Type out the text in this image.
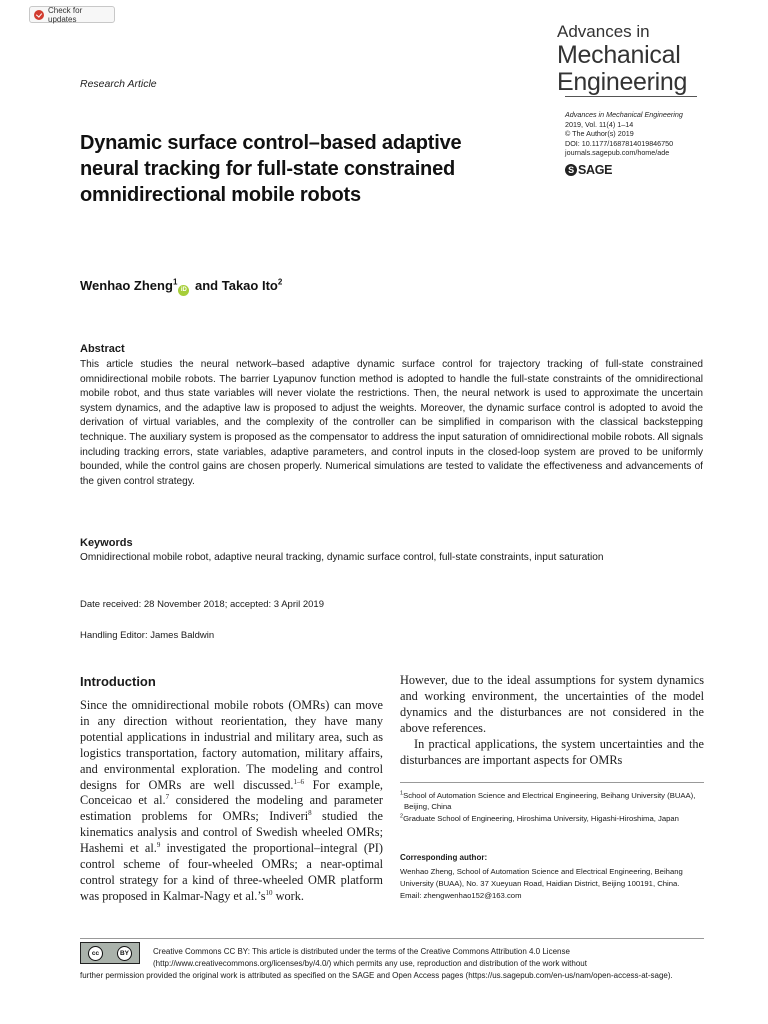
Check for updates
Research Article
Advances in
Mechanical
Engineering
Advances in Mechanical Engineering
2019, Vol. 11(4) 1–14
© The Author(s) 2019
DOI: 10.1177/1687814019846750
journals.sagepub.com/home/ade
S SAGE
Dynamic surface control–based adaptive neural tracking for full-state constrained omnidirectional mobile robots
Wenhao Zheng$^1$iD and Takao Ito$^2$
Abstract

This article studies the neural network–based adaptive dynamic surface control for trajectory tracking of full-state constrained omnidirectional mobile robots. The barrier Lyapunov function method is adopted to handle the full-state constraints of the omnidirectional mobile robot, and thus state variables will never violate the restrictions. Then, the neural network is used to approximate the uncertain system dynamics, and the adaptive law is proposed to adjust the weights. Moreover, the dynamic surface control is adopted to avoid the derivation of virtual variables, and the complexity of the controller can be simplified in comparison with the classical backstepping technique. The auxiliary system is proposed as the compensator to address the input saturation of omnidirectional mobile robots. All signals including tracking errors, state variables, adaptive parameters, and control inputs in the closed-loop system are proved to be uniformly bounded, while the control gains are chosen properly. Numerical simulations are tested to validate the effectiveness and advancements of the given control strategy.

Keywords
Omnidirectional mobile robot, adaptive neural tracking, dynamic surface control, full-state constraints, input saturation
Date received: 28 November 2018; accepted: 3 April 2019
Handling Editor: James Baldwin
Introduction

Since the omnidirectional mobile robots (OMRs) can move in any direction without reorientation, they have many potential applications in industrial and military area, such as logistics transportation, factory automation, military affairs, and environmental exploration. The modeling and control designs for OMRs are well discussed.$^{1-6}$ For example, Conceicao et al.$^7$ considered the modeling and parameter estimation problems for OMRs; Indiveri$^8$ studied the kinematics analysis and control of Swedish wheeled OMRs; Hashemi et al.$^9$ investigated the proportional–integral (PI) control scheme of four-wheeled OMRs; a near-optimal control strategy for a kind of three-wheeled OMR platform was proposed in Kalmar-Nagy et $al.’s^{10}$ work.

However, due to the ideal assumptions for system dynamics and working environment, the uncertainties of the model dynamics and the disturbances are not considered in the above references.
In practical applications, the system uncertainties and the disturbances are important aspects for OMRs

$^1$School of Automation Science and Electrical Engineering, Beihang University (BUAA), Beijing, China
$^2$Graduate School of Engineering, Hiroshima University, Higashi-Hiroshima, Japan
Corresponding author:
Wenhao Zheng, School of Automation Science and Electrical Engineering, Beihang University (BUAA), No. 37 Xueyuan Road, Haidian District, Beijing 100191, China.
Email: zhengwenhao152@163.com
Creative Commons CC BY: This article is distributed under the terms of the Creative Commons Attribution 4.0 License
(http://www.creativecommons.org/licenses/by/4.0/) which permits any use, reproduction and distribution of the work without
further permission provided the original work is attributed as specified on the SAGE and Open Access pages (https://us.sagepub.com/en-us/nam/open-access-at-sage).
cc	BY
